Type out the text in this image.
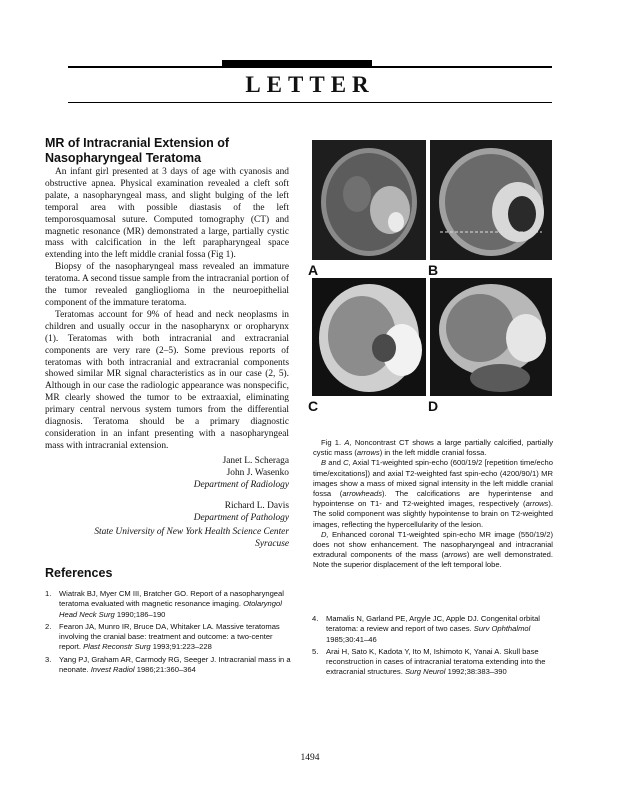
LETTER
MR of Intracranial Extension of
Nasopharyngeal Teratoma

An infant girl presented at 3 days of age with cyanosis and obstructive apnea. Physical examination revealed a cleft soft palate, a nasopharyngeal mass, and slight bulging of the left temporal area with possible diastasis of the left temporosquamosal suture. Computed tomography (CT) and magnetic resonance (MR) demonstrated a large, partially cystic mass with calcification in the left parapharyngeal space extending into the left middle cranial fossa (Fig 1).

Biopsy of the nasopharyngeal mass revealed an immature teratoma. A second tissue sample from the intracranial portion of the tumor revealed ganglioglioma in the neuroepithelial component of the immature teratoma.

Teratomas account for 9% of head and neck neoplasms in children and usually occur in the nasopharynx or oropharynx (1). Teratomas with both intracranial and extracranial components are very rare (2–5). Some previous reports of teratomas with both intracranial and extracranial components showed similar MR signal characteristics as in our case (2, 5). Although in our case the radiologic appearance was nonspecific, MR clearly showed the tumor to be extraaxial, eliminating primary central nervous system tumors from the differential diagnosis. Teratoma should be a primary diagnostic consideration in an infant presenting with a nasopharyngeal mass with intracranial extension.

Janet L. Scheraga
John J. Wasenko
Department of Radiology
Richard L. Davis
Department of Pathology
State University of New York Health Science Center
Syracuse
A	B
C	D

Fig 1. A, Noncontrast CT shows a large partially calcified, partially cystic mass (arrows) in the left middle cranial fossa.

B and C, Axial T1-weighted spin-echo (600/19/2 [repetition time/echo time/excitations]) and axial T2-weighted fast spin-echo (4200/90/1) MR images show a mass of mixed signal intensity in the left middle cranial fossa (arrowheads). The calcifications are hyperintense and hypointense on T1- and T2-weighted images, respectively (arrows). The solid component was slightly hypointense to brain on T2-weighted images, reflecting the hypercellularity of the lesion.

D, Enhanced coronal T1-weighted spin-echo MR image (550/19/2) does not show enhancement. The nasopharyngeal and intracranial extradural components of the mass (arrows) are well demonstrated. Note the superior displacement of the left temporal lobe.

References
1. Wiatrak BJ, Myer CM III, Bratcher GO. Report of a nasopharyngeal teratoma evaluated with magnetic resonance imaging. Otolaryngol Head Neck Surg 1990;186–190
2. Fearon JA, Munro IR, Bruce DA, Whitaker LA. Massive teratomas involving the cranial base: treatment and outcome: a two-center report. Plast Reconstr Surg 1993;91:223–228
3. Yang PJ, Graham AR, Carmody RG, Seeger J. Intracranial mass in a neonate. Invest Radiol 1986;21:360–364
4. Mamalis N, Garland PE, Argyle JC, Apple DJ. Congenital orbital teratoma: a review and report of two cases. Surv Ophthalmol 1985;30:41–46
5. Arai H, Sato K, Kadota Y, Ito M, Ishimoto K, Yanai A. Skull base reconstruction in cases of intracranial teratoma extending into the extracranial structures. Surg Neurol 1992;38:383–390
1494
